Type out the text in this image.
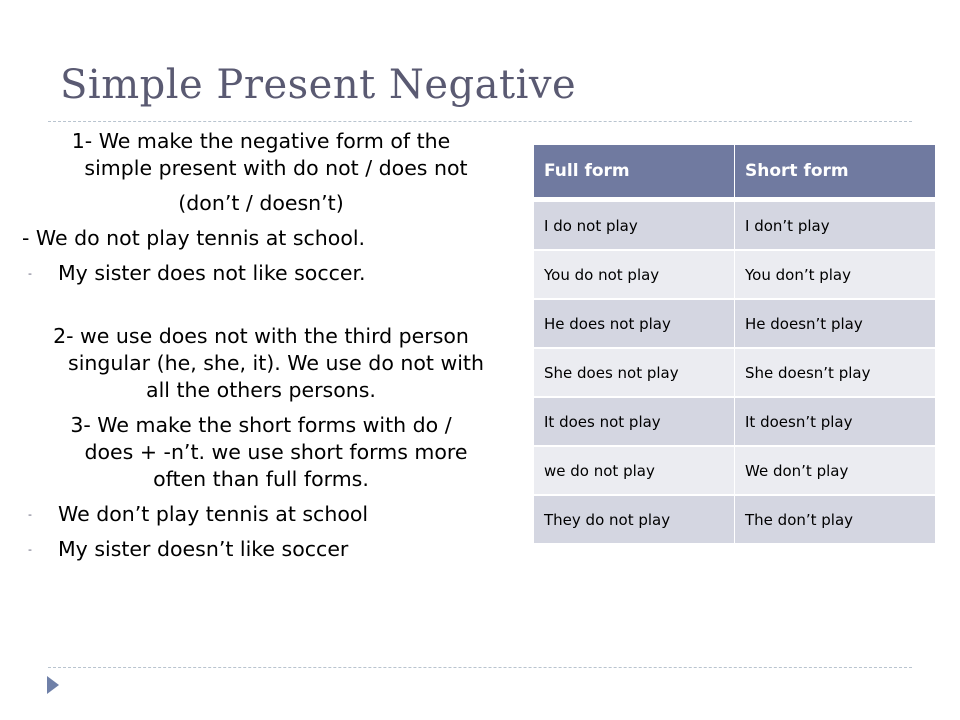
Simple Present Negative

1- We make the negative form of the

simple present with do not / does not

(don’t / doesn’t)

- We do not play tennis at school.

- My sister does not like soccer.

2- we use does not with the third person

singular (he, she, it). We use do not with

all the others persons.

3- We make the short forms with do /

does + -n’t. we use short forms more

often than full forms.

- We don’t play tennis at school

- My sister doesn’t like soccer

Full form	Short form
I do not play	I don’t play
You do not play	You don’t play
He does not play	He doesn’t play
She does not play	She doesn’t play
It does not play	It doesn’t play
we do not play	We don’t play
They do not play	The don’t play
